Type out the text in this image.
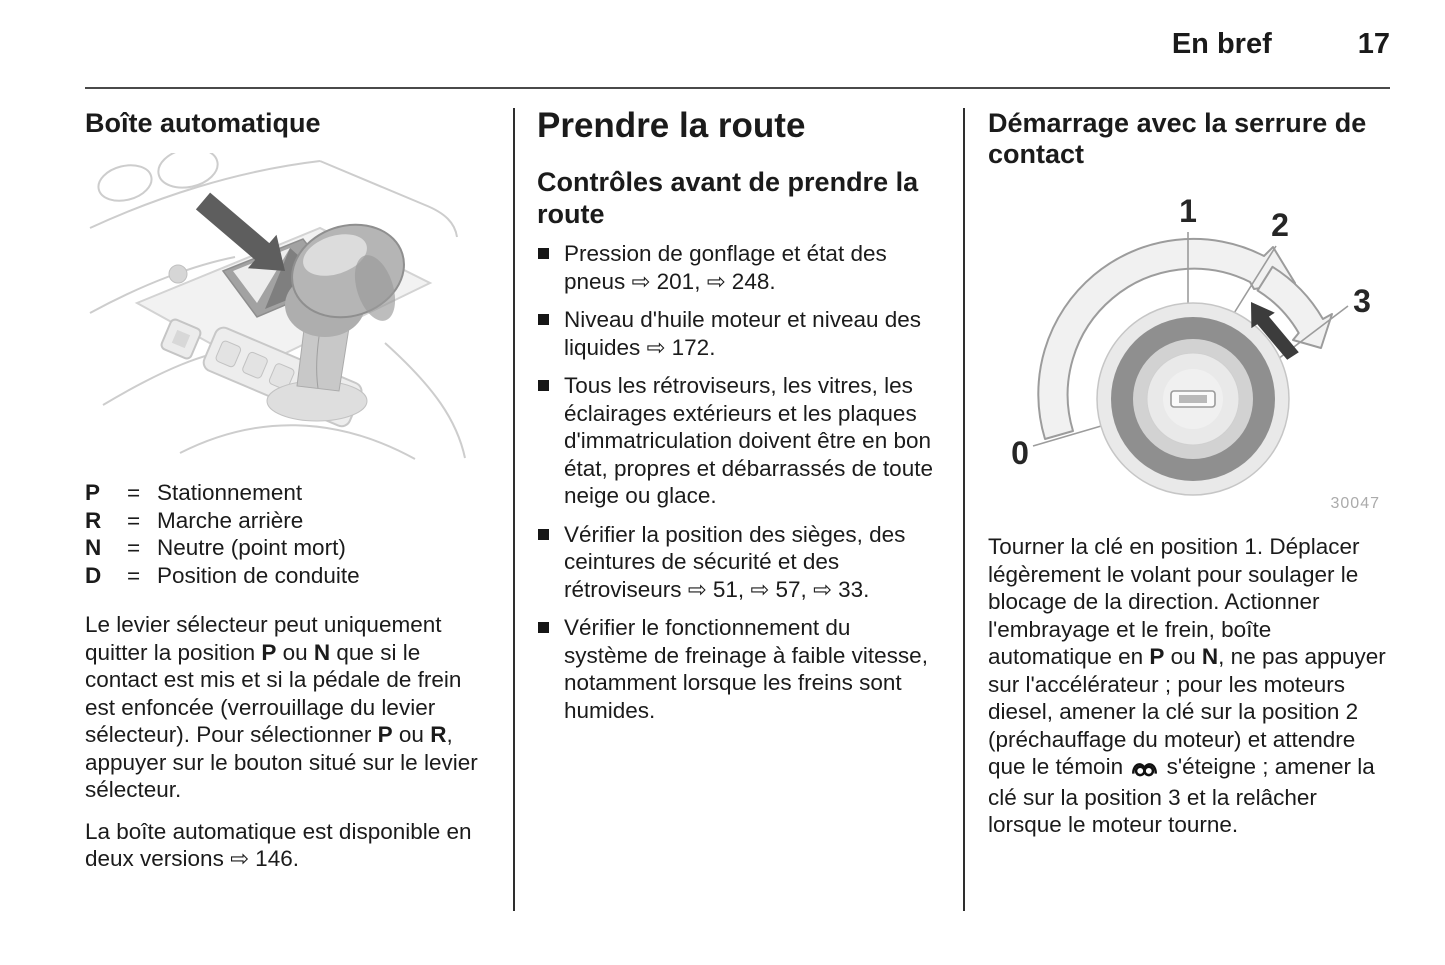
En bref	17
Boîte automatique
P	= Stationnement
R	= Marche arrière
N	= Neutre (point mort)
D	= Position de conduite

Le levier sélecteur peut uniquement quitter la position P ou N que si le contact est mis et si la pédale de frein est enfoncée (verrouillage du levier sélecteur). Pour sélectionner P ou R, appuyer sur le bouton situé sur le levier sélecteur.

La boîte automatique est disponible en deux versions ⇨ 146.

Prendre la route
Contrôles avant de prendre la route
Pression de gonflage et état des pneus ⇨ 201, ⇨ 248.
Niveau d'huile moteur et niveau des liquides ⇨ 172.
Tous les rétroviseurs, les vitres, les éclairages extérieurs et les plaques d'immatriculation doivent être en bon état, propres et débarrassés de toute neige ou glace.
Vérifier la position des sièges, des ceintures de sécurité et des rétroviseurs ⇨ 51, ⇨ 57, ⇨ 33.
Vérifier le fonctionnement du système de freinage à faible vitesse, notamment lorsque les freins sont humides.
Démarrage avec la serrure de contact
1 2
3
0
30047

Tourner la clé en position 1. Déplacer légèrement le volant pour soulager le blocage de la direction. Actionner l'embrayage et le frein, boîte automatique en P ou N, ne pas appuyer sur l'accélérateur ; pour les moteurs diesel, amener la clé sur la position 2 (préchauffage du moteur) et attendre que le témoin  s'éteigne ; amener la clé sur la position 3 et la relâcher lorsque le moteur tourne.
